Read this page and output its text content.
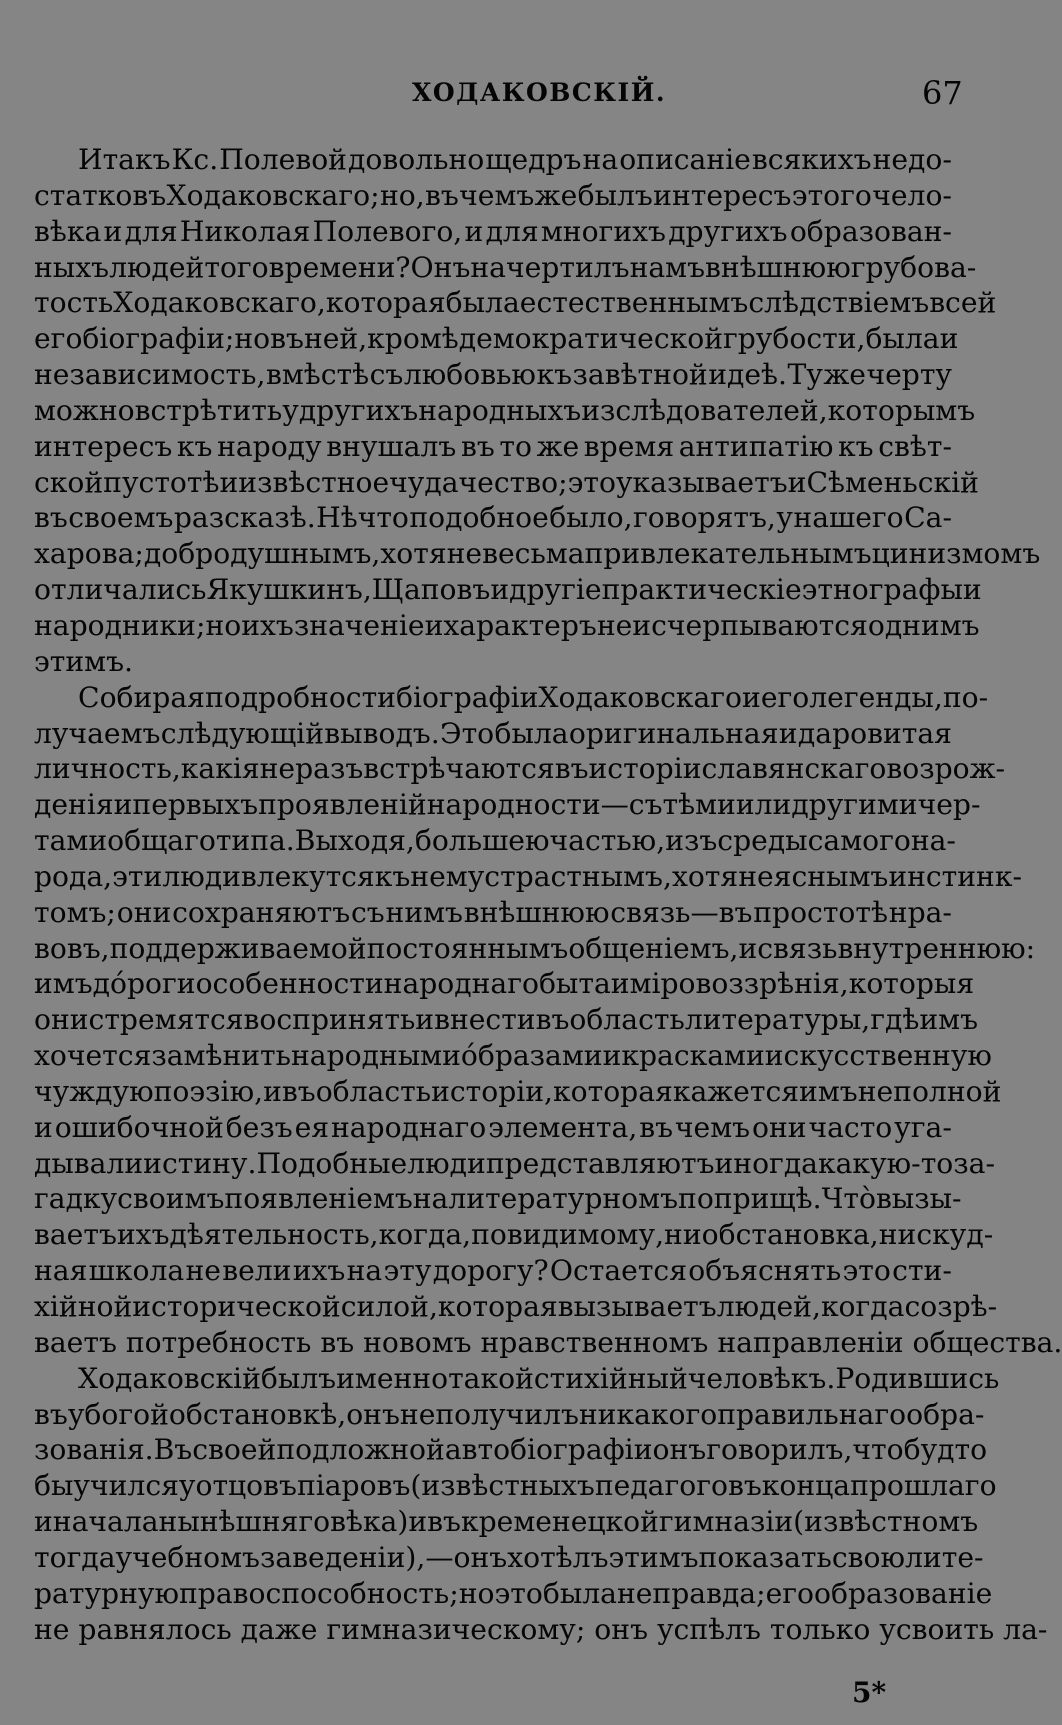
ХОДАКОВСКІЙ.	67
Итакъ Кс. Полевой довольно щедръ на описаніе всякихъ недо-
статковъ Ходаковскаго; но, въ чемъ же былъ интересъ этого чело-
вѣка и для Николая Полевого, и для многихъ другихъ образован-
ныхъ людей того времени? Онъ начертилъ намъ внѣшнюю грубова-
тость Ходаковскаго, которая была естественнымъ слѣдствіемъ всей
его біографіи; но въ ней, кромѣ демократической грубости, была и
независимость, вмѣстѣ съ любовью къ завѣтной идеѣ. Ту же черту
можно встрѣтить у другихъ народныхъ изслѣдователей, которымъ
интересъ къ народу внушалъ въ то же время антипатію къ свѣт-
ской пустотѣ и извѣстное чудачество; это указываетъ и Сѣменьскій
въ своемъ разсказѣ. Нѣчто подобное было, говорятъ, у нашего Са-
харова; добродушнымъ, хотя не весьма привлекательнымъ цинизмомъ
отличались Якушкинъ, Щаповъ и другіе практическіе этнографы и
народники; но ихъ значеніе и характеръ не исчерпываются однимъ
этимъ.
Собирая подробности біографіи Ходаковскаго и его легенды, по-
лучаемъ слѣдующій выводъ. Это была оригинальная и даровитая
личность, какія не разъ встрѣчаются въ исторіи славянскаго возрож-
денія и первыхъ проявленій народности—съ тѣми или другими чер-
тами общаго типа. Выходя, большею частью, изъ среды самого на-
рода, эти люди влекутся къ нему страстнымъ, хотя неяснымъ инстинк-
томъ; они сохраняютъ съ нимъ внѣшнюю связь—въ простотѣ нра-
вовъ, поддерживаемой постояннымъ общеніемъ, и связь внутреннюю:
имъ дóроги особенности народнаго быта и міровоззрѣнія, которыя
они стремятся воспринять и внести въ область литературы, гдѣ имъ
хочется замѣнить народными óбразами и красками искусственную
чуждую поэзію, и въ область исторіи, которая кажется имъ неполной
и ошибочной безъ ея народнаго элемента, въ чемъ они часто уга-
дывали истину. Подобные люди представляютъ иногда какую-то за-
гадку своимъ появленіемъ на литературномъ поприщѣ. Чтò вызы-
ваетъ ихъ дѣятельность, когда, повидимому, ни обстановка, ни скуд-
ная школа не вели ихъ на эту дорогу? Остается объяснять это сти-
хійной исторической силой, которая вызываетъ людей, когда созрѣ-
ваетъ потребность въ новомъ нравственномъ направленіи общества.
Ходаковскій былъ именно такой стихійный человѣкъ. Родившись
въ убогой обстановкѣ, онъ не получилъ никакого правильнаго обра-
зованія. Въ своей подложной автобіографіи онъ говорилъ, что будто
бы учился у отцовъ піаровъ (извѣстныхъ педагоговъ конца прошлаго
и начала нынѣшняго вѣка) и въ кременецкой гимназіи (извѣстномъ
тогда учебномъ заведеніи),—онъ хотѣлъ этимъ показать свою лите-
ратурную правоспособность; но это была неправда; его образованіе
не равнялось даже гимназическому; онъ успѣлъ только усвоить ла-
5*
